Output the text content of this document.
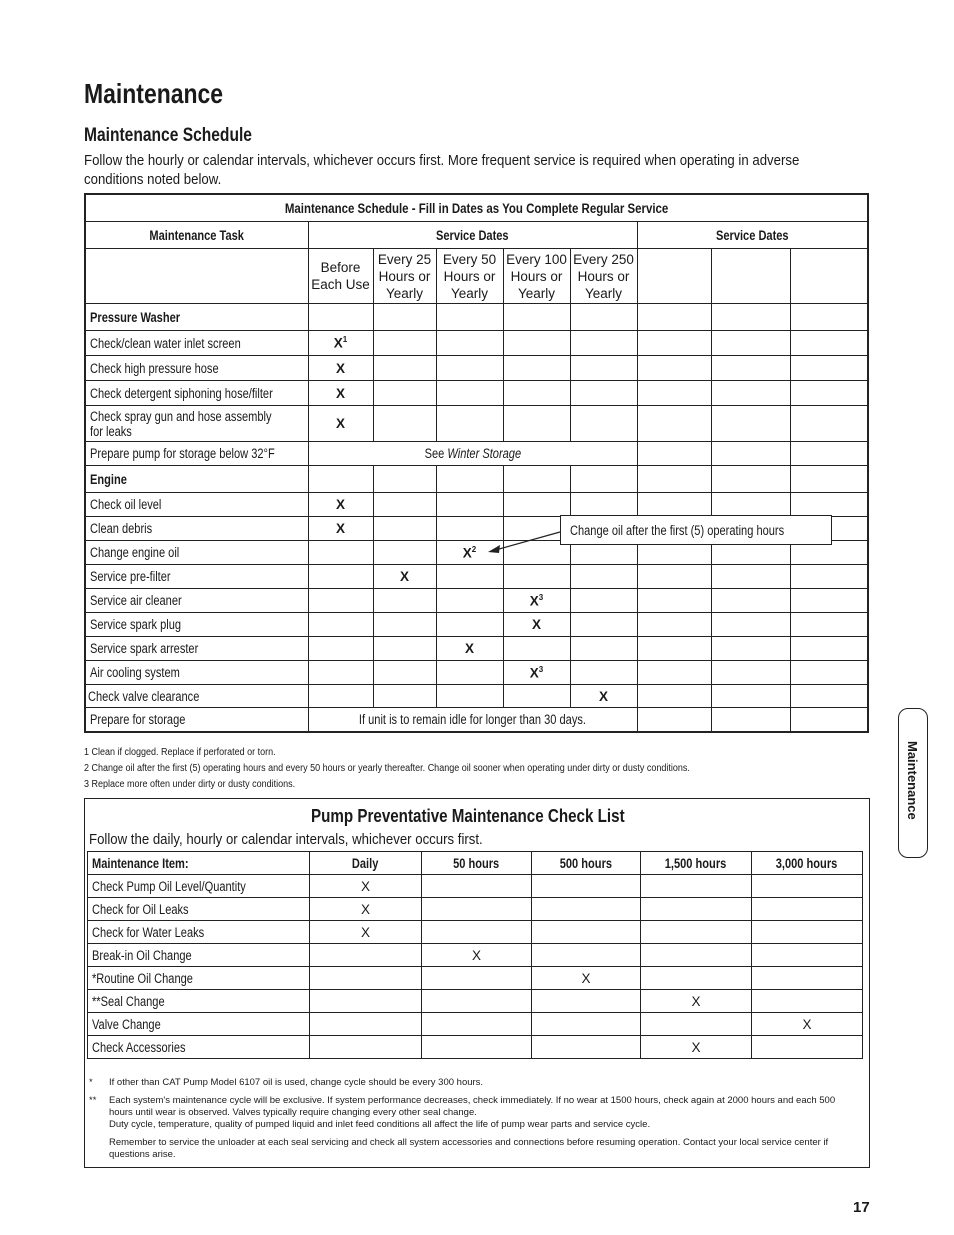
Maintenance
Maintenance Schedule
Follow the hourly or calendar intervals, whichever occurs first. More frequent service is required when operating in adverse conditions noted below.
Maintenance Schedule - Fill in Dates as You Complete Regular Service								
Maintenance Task	Service Dates					Service Dates		
	Before Each Use	Every 25 Hours or Yearly	Every 50 Hours or Yearly	Every 100 Hours or Yearly	Every 250 Hours or Yearly			
Pressure Washer								
Check/clean water inlet screen	$X^1$							
Check high pressure hose	X							
Check detergent siphoning hose/filter	X							
Check spray gun and hose assembly for leaks	X							
Prepare pump for storage below 32°F	See Winter Storage							
Engine								
Check oil level	X							
Clean debris	X							
Change engine oil			$X^2$					
Service pre-filter		X						
Service air cleaner				$X^3$				
Service spark plug				X				
Service spark arrester			X					
Air cooling system				$X^3$				
Check valve clearance					X			
Prepare for storage	If unit is to remain idle for longer than 30 days.							
Change oil after the first (5) operating hours
1 Clean if clogged. Replace if perforated or torn.
2 Change oil after the first (5) operating hours and every 50 hours or yearly thereafter. Change oil sooner when operating under dirty or dusty conditions.
3 Replace more often under dirty or dusty conditions.
Pump Preventative Maintenance Check List
Follow the daily, hourly or calendar intervals, whichever occurs first.
Maintenance Item:	Daily	50 hours	500 hours	1,500 hours	3,000 hours
Check Pump Oil Level/Quantity	X				
Check for Oil Leaks	X				
Check for Water Leaks	X				
Break-in Oil Change		X			
*Routine Oil Change			X		
**Seal Change				X	
Valve Change					X
Check Accessories				X	
*	If other than CAT Pump Model 6107 oil is used, change cycle should be every 300 hours.
**	Each system's maintenance cycle will be exclusive. If system performance decreases, check immediately. If no wear at 1500 hours, check again at 2000 hours and each 500 hours until wear is observed. Valves typically require changing every other seal change.
Duty cycle, temperature, quality of pumped liquid and inlet feed conditions all affect the life of pump wear parts and service cycle.
Remember to service the unloader at each seal servicing and check all system accessories and connections before resuming operation. Contact your local service center if questions arise.
Maintenance
17
